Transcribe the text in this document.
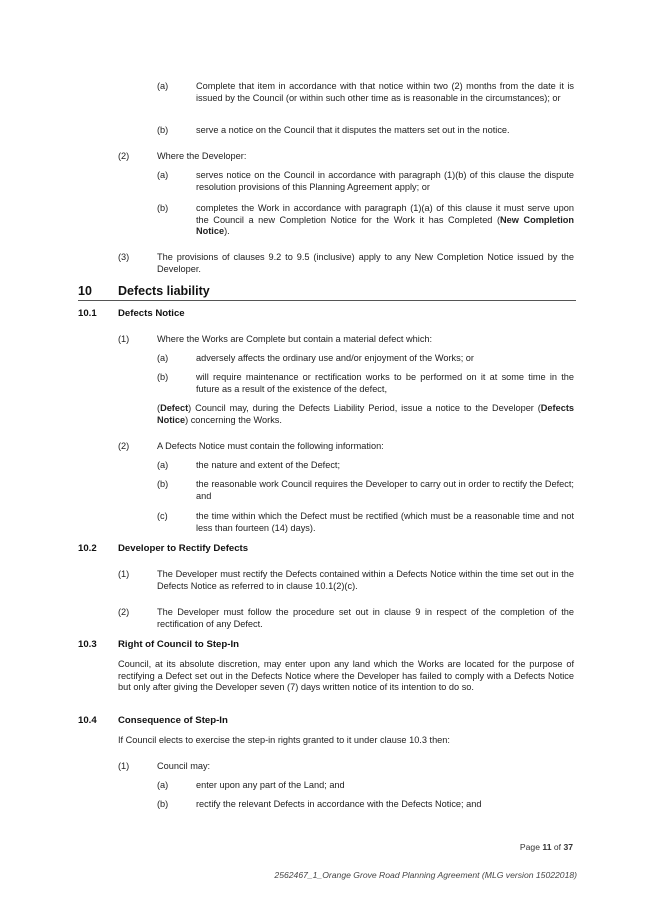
(a)	Complete that item in accordance with that notice within two (2) months from the date it is issued by the Council (or within such other time as is reasonable in the circumstances); or
(b)	serve a notice on the Council that it disputes the matters set out in the notice.
(2)	Where the Developer:
(a)	serves notice on the Council in accordance with paragraph (1)(b) of this clause the dispute resolution provisions of this Planning Agreement apply; or
(b)	completes the Work in accordance with paragraph (1)(a) of this clause it must serve upon the Council a new Completion Notice for the Work it has Completed (New Completion Notice).
(3)	The provisions of clauses 9.2 to 9.5 (inclusive) apply to any New Completion Notice issued by the Developer.
10 Defects liability
10.1 Defects Notice
(1)	Where the Works are Complete but contain a material defect which:
(a)	adversely affects the ordinary use and/or enjoyment of the Works; or
(b)	will require maintenance or rectification works to be performed on it at some time in the future as a result of the existence of the defect,
(Defect) Council may, during the Defects Liability Period, issue a notice to the Developer (Defects Notice) concerning the Works.
(2)	A Defects Notice must contain the following information:
(a)	the nature and extent of the Defect;
(b)	the reasonable work Council requires the Developer to carry out in order to rectify the Defect; and
(c)	the time within which the Defect must be rectified (which must be a reasonable time and not less than fourteen (14) days).
10.2 Developer to Rectify Defects
(1)	The Developer must rectify the Defects contained within a Defects Notice within the time set out in the Defects Notice as referred to in clause 10.1(2)(c).
(2)	The Developer must follow the procedure set out in clause 9 in respect of the completion of the rectification of any Defect.
10.3 Right of Council to Step-In
Council, at its absolute discretion, may enter upon any land which the Works are located for the purpose of rectifying a Defect set out in the Defects Notice where the Developer has failed to comply with a Defects Notice but only after giving the Developer seven (7) days written notice of its intention to do so.
10.4 Consequence of Step-In
If Council elects to exercise the step-in rights granted to it under clause 10.3 then:
(1)	Council may:
(a)	enter upon any part of the Land; and
(b)	rectify the relevant Defects in accordance with the Defects Notice; and
Page 11 of 37
2562467_1_Orange Grove Road Planning Agreement (MLG version 15022018)
